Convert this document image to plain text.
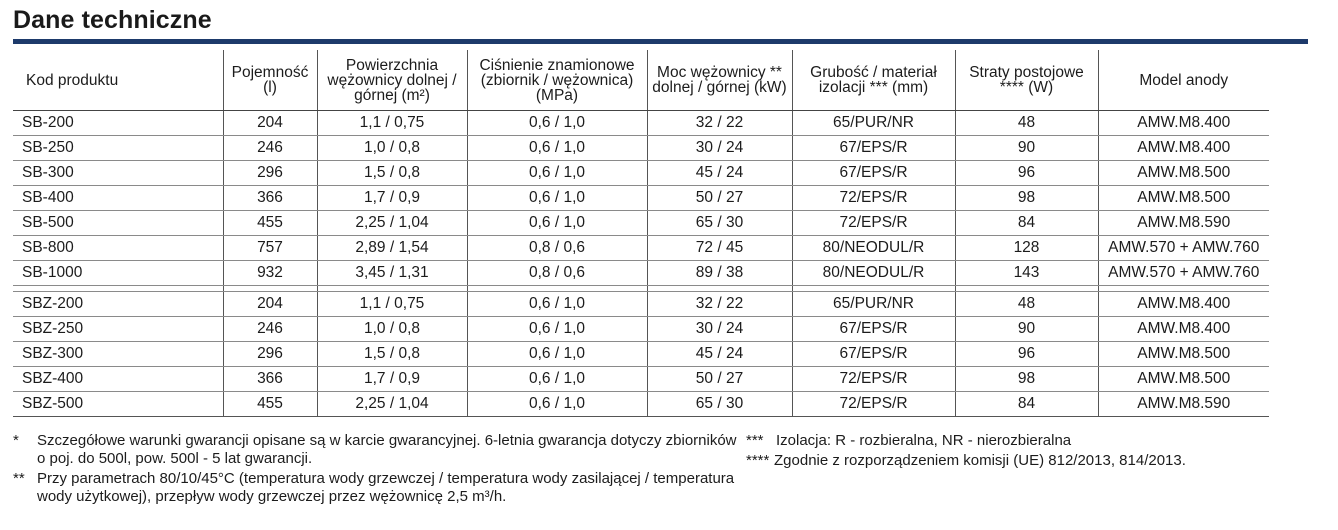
Dane techniczne
Kod produktu	Pojemność (l)	Powierzchnia wężownicy dolnej / górnej (m²)	Ciśnienie znamionowe (zbiornik / wężownica) (MPa)	Moc wężownicy ** dolnej / górnej (kW)	Grubość / materiał izolacji *** (mm)	Straty postojowe **** (W)	Model anody
SB-200	204	1,1 / 0,75	0,6 / 1,0	32 / 22	65/PUR/NR	48	AMW.M8.400
SB-250	246	1,0 / 0,8	0,6 / 1,0	30 / 24	67/EPS/R	90	AMW.M8.400
SB-300	296	1,5 / 0,8	0,6 / 1,0	45 / 24	67/EPS/R	96	AMW.M8.500
SB-400	366	1,7 / 0,9	0,6 / 1,0	50 / 27	72/EPS/R	98	AMW.M8.500
SB-500	455	2,25 / 1,04	0,6 / 1,0	65 / 30	72/EPS/R	84	AMW.M8.590
SB-800	757	2,89 / 1,54	0,8 / 0,6	72 / 45	80/NEODUL/R	128	AMW.570 + AMW.760
SB-1000	932	3,45 / 1,31	0,8 / 0,6	89 / 38	80/NEODUL/R	143	AMW.570 + AMW.760

SBZ-200	204	1,1 / 0,75	0,6 / 1,0	32 / 22	65/PUR/NR	48	AMW.M8.400
SBZ-250	246	1,0 / 0,8	0,6 / 1,0	30 / 24	67/EPS/R	90	AMW.M8.400
SBZ-300	296	1,5 / 0,8	0,6 / 1,0	45 / 24	67/EPS/R	96	AMW.M8.500
SBZ-400	366	1,7 / 0,9	0,6 / 1,0	50 / 27	72/EPS/R	98	AMW.M8.500
SBZ-500	455	2,25 / 1,04	0,6 / 1,0	65 / 30	72/EPS/R	84	AMW.M8.590
*	Szczegółowe warunki gwarancji opisane są w karcie gwarancyjnej. 6-letnia gwarancja dotyczy zbiorników o poj. do 500l, pow. 500l - 5 lat gwarancji.
** Przy parametrach 80/10/45°C (temperatura wody grzewczej / temperatura wody zasilającej / temperatura wody użytkowej), przepływ wody grzewczej przez wężownicę 2,5 m³/h.
*** Izolacja: R - rozbieralna, NR - nierozbieralna
**** Zgodnie z rozporządzeniem komisji (UE) 812/2013, 814/2013.
